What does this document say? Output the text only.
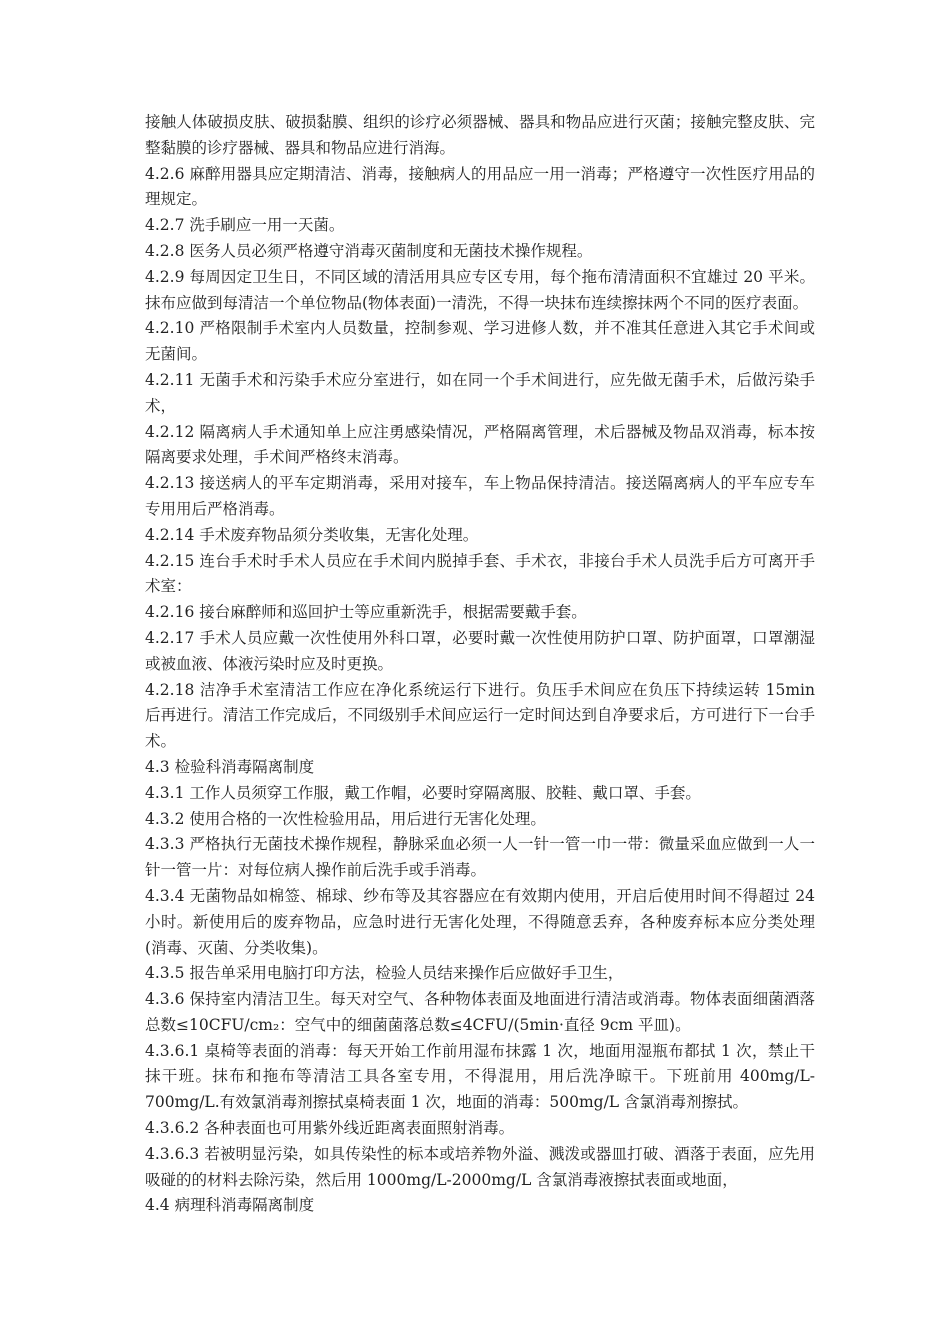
接触人体破损皮肤、破损黏膜、组织的诊疗必须器械、器具和物品应进行灭菌；接触完整皮肤、完整黏膜的诊疗器械、器具和物品应进行消海。

4.2.6 麻醉用器具应定期清洁、消毒，接触病人的用品应一用一消毒；严格遵守一次性医疗用品的理规定。

4.2.7 洗手刷应一用一天菌。

4.2.8 医务人员必须严格遵守消毒灭菌制度和无菌技术操作规程。

4.2.9 每周因定卫生日，不同区域的清活用具应专区专用，每个拖布清清面积不宜雄过 20 平米。抹布应做到每清洁一个单位物品(物体表面)一清洗，不得一块抹布连续擦抹两个不同的医疗表面。

4.2.10 严格限制手术室内人员数量，控制参观、学习进修人数，并不准其任意进入其它手术间或无菌间。

4.2.11 无菌手术和污染手术应分室进行，如在同一个手术间进行，应先做无菌手术，后做污染手术，

4.2.12 隔离病人手术通知单上应注勇感染情况，严格隔离管理，术后器械及物品双消毒，标本按隔离要求处理，手术间严格终末消毒。

4.2.13 接送病人的平车定期消毒，采用对接车，车上物品保持清洁。接送隔离病人的平车应专车专用用后严格消毒。

4.2.14 手术废弃物品须分类收集，无害化处理。

4.2.15 连台手术时手术人员应在手术间内脱掉手套、手术衣，非接台手术人员洗手后方可离开手术室：

4.2.16 接台麻醉师和巡回护士等应重新洗手，根据需要戴手套。

4.2.17 手术人员应戴一次性使用外科口罩，必要时戴一次性使用防护口罩、防护面罩，口罩潮湿或被血液、体液污染时应及时更换。

4.2.18 洁净手术室清洁工作应在净化系统运行下进行。负压手术间应在负压下持续运转 15min 后再进行。清洁工作完成后，不同级别手术间应运行一定时间达到自净要求后，方可进行下一台手术。

4.3 检验科消毒隔离制度

4.3.1 工作人员须穿工作服，戴工作帽，必要时穿隔离服、胶鞋、戴口罩、手套。

4.3.2 使用合格的一次性检验用品，用后进行无害化处理。

4.3.3 严格执行无菌技术操作规程，静脉采血必须一人一针一管一巾一带：微量采血应做到一人一针一管一片：对每位病人操作前后洗手或手消毒。

4.3.4 无菌物品如棉签、棉球、纱布等及其容器应在有效期内使用，开启后使用时间不得超过 24 小时。新使用后的废弃物品，应急时进行无害化处理，不得随意丢弃，各种废弃标本应分类处理(消毒、灭菌、分类收集)。

4.3.5 报告单采用电脑打印方法，检验人员结来操作后应做好手卫生，

4.3.6 保持室内清洁卫生。每天对空气、各种物体表面及地面进行清洁或消毒。物体表面细菌酒落总数≤10CFU/cm₂：空气中的细菌菌落总数≤4CFU/(5min·直径 9cm 平皿)。

4.3.6.1 桌椅等表面的消毒：每天开始工作前用湿布抹露 1 次，地面用湿瓶布都拭 1 次，禁止干抹干班。抹布和拖布等清洁工具各室专用，不得混用，用后洗净晾干。下班前用 400mg/L-700mg/L.有效氯消毒剂擦拭桌椅表面 1 次，地面的消毒：500mg/L 含氯消毒剂擦拭。

4.3.6.2 各种表面也可用紫外线近距离表面照射消毒。

4.3.6.3 若被明显污染，如具传染性的标本或培养物外溢、溅泼或器皿打破、酒落于表面，应先用吸碰的的材料去除污染，然后用 1000mg/L-2000mg/L 含氯消毒液擦拭表面或地面，

4.4 病理科消毒隔离制度
